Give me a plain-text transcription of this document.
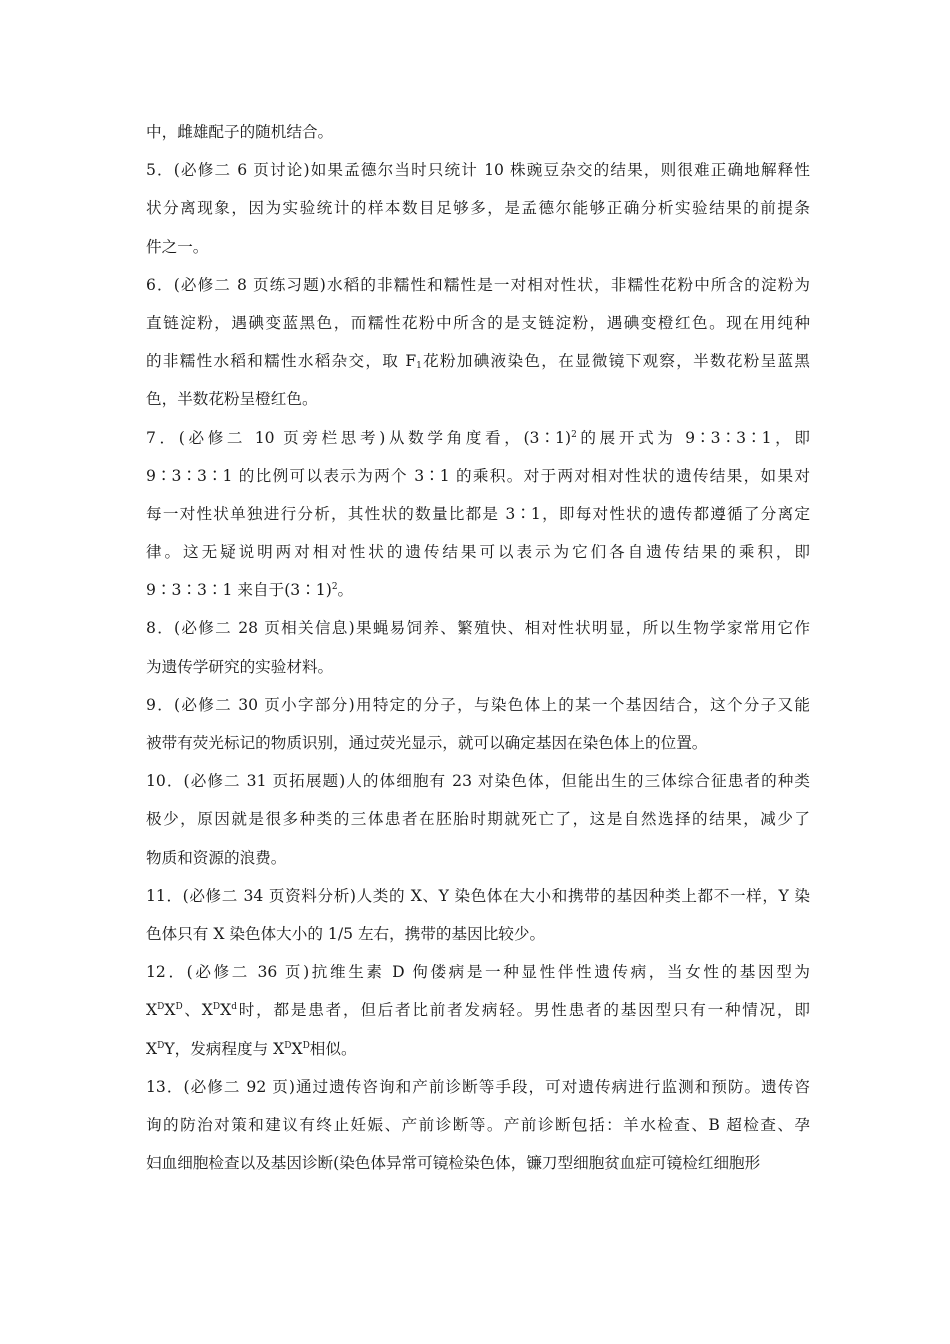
中，雌雄配子的随机结合。
5．(必修二 6 页讨论)如果孟德尔当时只统计 10 株豌豆杂交的结果，则很难正确地解释性
状分离现象，因为实验统计的样本数目足够多，是孟德尔能够正确分析实验结果的前提条
件之一。
6．(必修二 8 页练习题)水稻的非糯性和糯性是一对相对性状，非糯性花粉中所含的淀粉为
直链淀粉，遇碘变蓝黑色，而糯性花粉中所含的是支链淀粉，遇碘变橙红色。现在用纯种
的非糯性水稻和糯性水稻杂交，取 $F_1$花粉加碘液染色，在显微镜下观察，半数花粉呈蓝黑
色，半数花粉呈橙红色。
7．(必修二 10 页旁栏思考)从数学角度看，(3∶1)$^2$的展开式为 9∶3∶3∶1，即
9∶3∶3∶1 的比例可以表示为两个 3∶1 的乘积。对于两对相对性状的遗传结果，如果对
每一对性状单独进行分析，其性状的数量比都是 3∶1，即每对性状的遗传都遵循了分离定
律。这无疑说明两对相对性状的遗传结果可以表示为它们各自遗传结果的乘积，即
9∶3∶3∶1 来自于(3∶1)$^2$。
8．(必修二 28 页相关信息)果蝇易饲养、繁殖快、相对性状明显，所以生物学家常用它作
为遗传学研究的实验材料。
9．(必修二 30 页小字部分)用特定的分子，与染色体上的某一个基因结合，这个分子又能
被带有荧光标记的物质识别，通过荧光显示，就可以确定基因在染色体上的位置。
10．(必修二 31 页拓展题)人的体细胞有 23 对染色体，但能出生的三体综合征患者的种类
极少，原因就是很多种类的三体患者在胚胎时期就死亡了，这是自然选择的结果，减少了
物质和资源的浪费。
11．(必修二 34 页资料分析)人类的 X、Y 染色体在大小和携带的基因种类上都不一样，Y 染
色体只有 X 染色体大小的 1/5 左右，携带的基因比较少。
12．(必修二 36 页)抗维生素 D 佝偻病是一种显性伴性遗传病，当女性的基因型为
$X^DX^D$、$X^DX^d$时，都是患者，但后者比前者发病轻。男性患者的基因型只有一种情况，即
$X^DY$，发病程度与 $X^DX^D$相似。
13．(必修二 92 页)通过遗传咨询和产前诊断等手段，可对遗传病进行监测和预防。遗传咨
询的防治对策和建议有终止妊娠、产前诊断等。产前诊断包括：羊水检查、B 超检查、孕
妇血细胞检查以及基因诊断(染色体异常可镜检染色体，镰刀型细胞贫血症可镜检红细胞形
